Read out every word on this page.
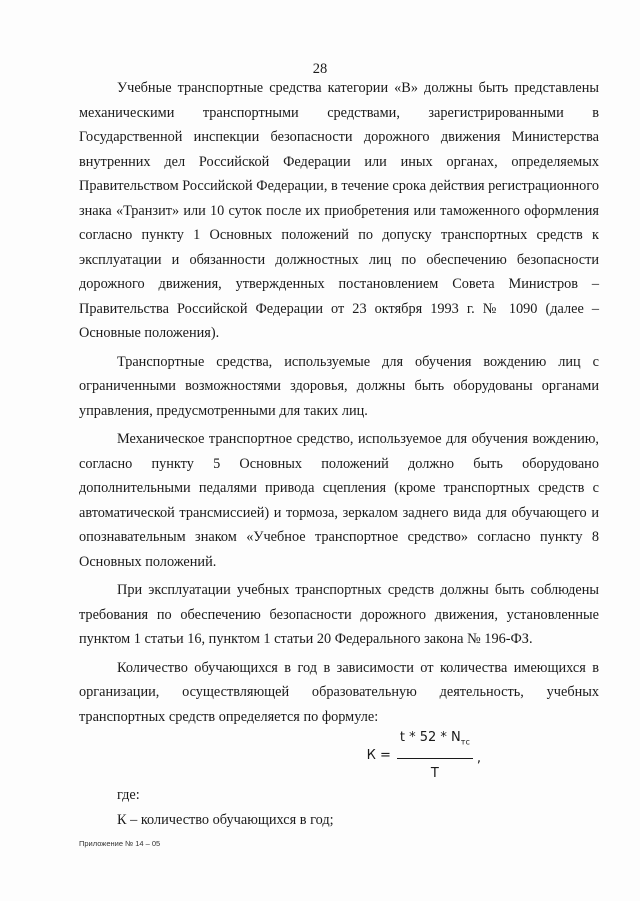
28

Учебные транспортные средства категории «В» должны быть представлены механическими транспортными средствами, зарегистрированными в Государственной инспекции безопасности дорожного движения Министерства внутренних дел Российской Федерации или иных органах, определяемых Правительством Российской Федерации, в течение срока действия регистрационного знака «Транзит» или 10 суток после их приобретения или таможенного оформления согласно пункту 1 Основных положений по допуску транспортных средств к эксплуатации и обязанности должностных лиц по обеспечению безопасности дорожного движения, утвержденных постановлением Совета Министров – Правительства Российской Федерации от 23 октября 1993 г. № 1090 (далее – Основные положения).

Транспортные средства, используемые для обучения вождению лиц с ограниченными возможностями здоровья, должны быть оборудованы органами управления, предусмотренными для таких лиц.

Механическое транспортное средство, используемое для обучения вождению, согласно пункту 5 Основных положений должно быть оборудовано дополнительными педалями привода сцепления (кроме транспортных средств с автоматической трансмиссией) и тормоза, зеркалом заднего вида для обучающего и опознавательным знаком «Учебное транспортное средство» согласно пункту 8 Основных положений.

При эксплуатации учебных транспортных средств должны быть соблюдены требования по обеспечению безопасности дорожного движения, установленные пунктом 1 статьи 16, пунктом 1 статьи 20 Федерального закона № 196-ФЗ.

Количество обучающихся в год в зависимости от количества имеющихся в организации, осуществляющей образовательную деятельность, учебных транспортных средств определяется по формуле:

$К = \frac{t * 52 * N_{тс}}{Т}$ ,

где:

К – количество обучающихся в год;

Приложение № 14 – 05
